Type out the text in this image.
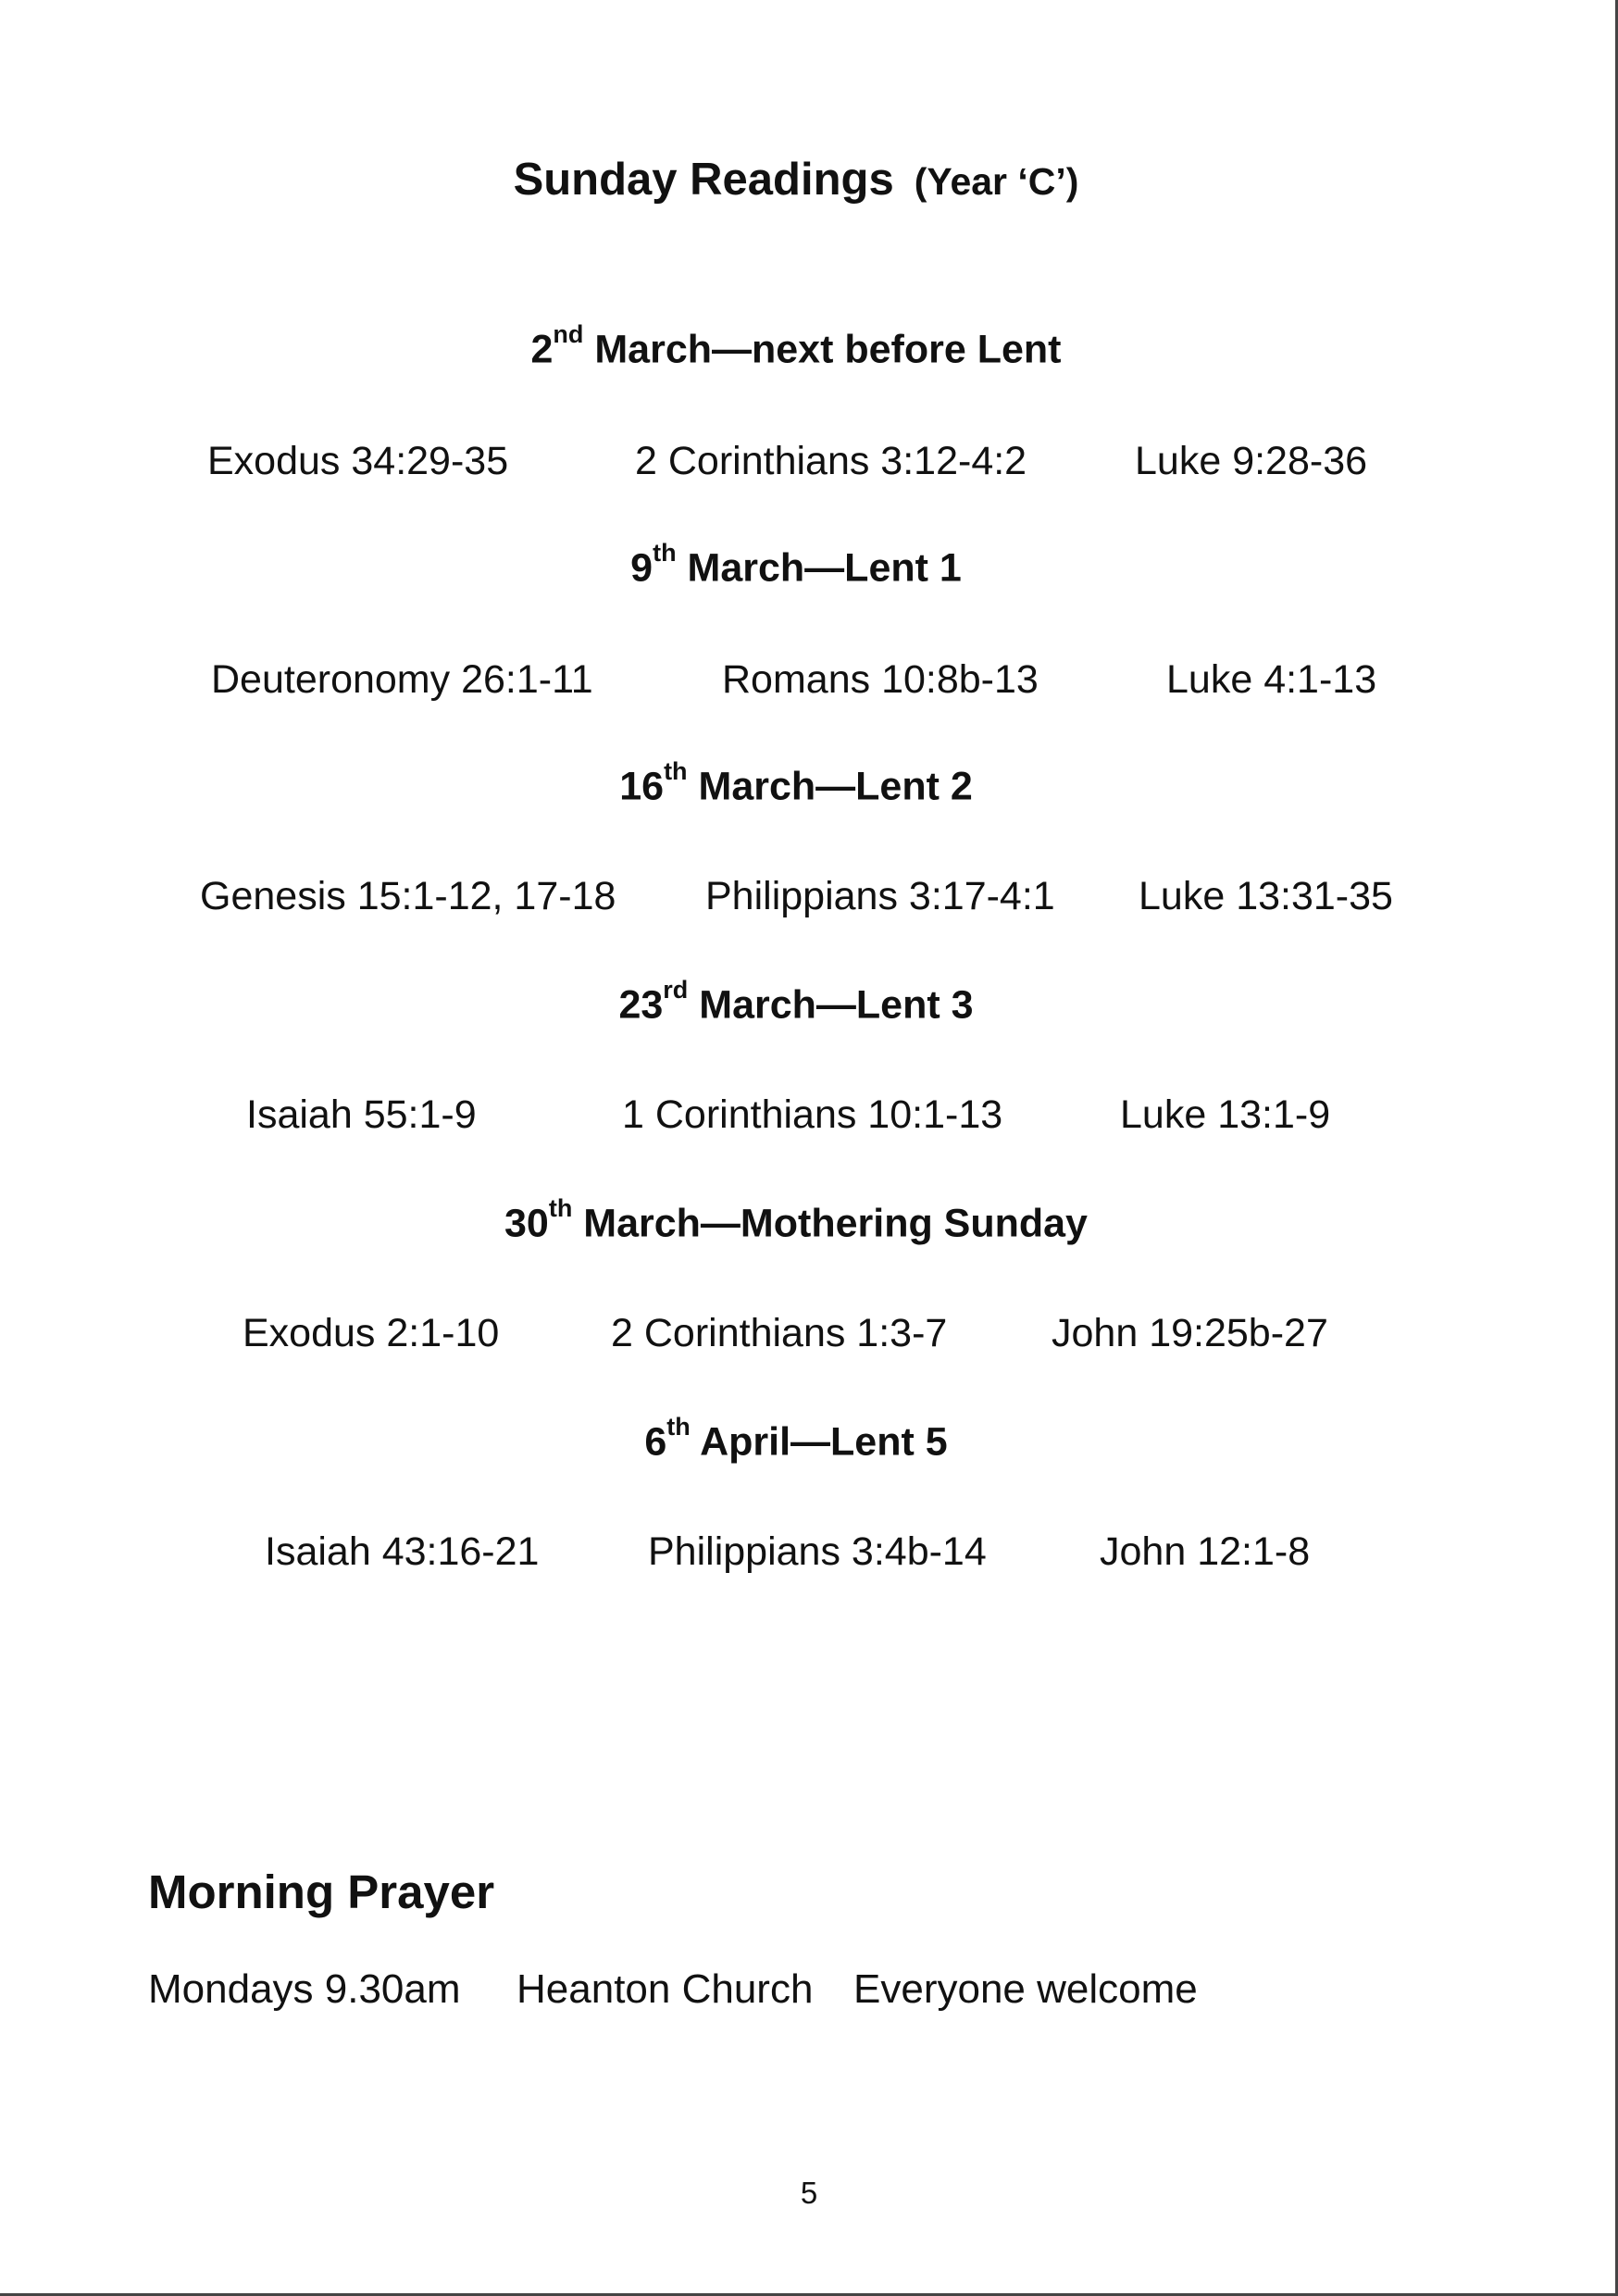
Sunday Readings (Year ‘C’)
2nd March—next before Lent
Exodus 34:29-35	2 Corinthians 3:12-4:2	Luke 9:28-36
9th March—Lent 1
Deuteronomy 26:1-11	Romans 10:8b-13	Luke 4:1-13
16th March—Lent 2
Genesis 15:1-12, 17-18 Philippians 3:17-4:1 Luke 13:31-35
23rd March—Lent 3
Isaiah 55:1-9	1 Corinthians 10:1-13	Luke 13:1-9
30th March—Mothering Sunday
Exodus 2:1-10	2 Corinthians 1:3-7	John 19:25b-27
6th April—Lent 5
Isaiah 43:16-21	Philippians 3:4b-14	John 12:1-8
Morning Prayer
Mondays 9.30am Heanton Church Everyone welcome
5
